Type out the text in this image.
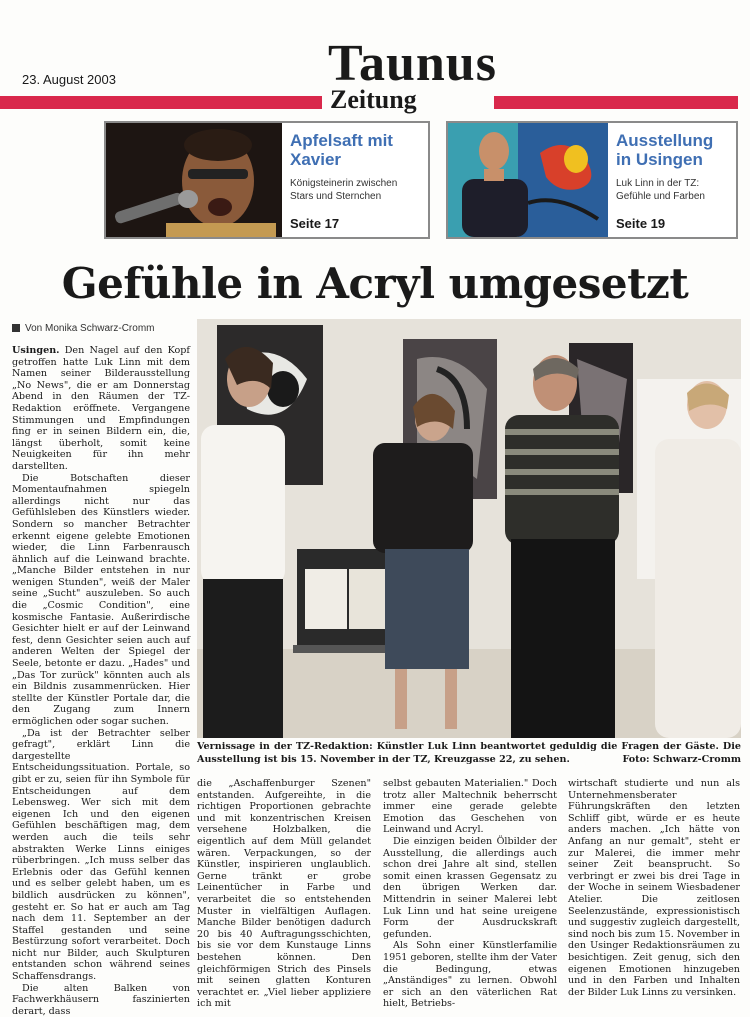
23. August 2003	Taunus
Zeitung
Apfelsaft mit Xavier
Königsteinerin zwischen Stars und Sternchen
Seite 17
Ausstellung in Usingen
Luk Linn in der TZ: Gefühle und Farben
Seite 19
Gefühle in Acryl umgesetzt
Von Monika Schwarz-Cromm
Vernissage in der TZ-Redaktion: Künstler Luk Linn beantwortet geduldig die Fragen der Gäste. Die Ausstellung ist bis 15. November in der TZ, Kreuzgasse 22, zu sehen.	Foto: Schwarz-Cromm

Usingen. Den Nagel auf den Kopf getroffen hatte Luk Linn mit dem Namen seiner Bilderausstellung „No News", die er am Donnerstag Abend in den Räumen der TZ-Redaktion eröffnete. Vergangene Stimmungen und Empfindungen fing er in seinen Bildern ein, die, längst überholt, somit keine Neuigkeiten für ihn mehr darstellten.

Die Botschaften dieser Momentaufnahmen spiegeln allerdings nicht nur das Gefühlsleben des Künstlers wieder. Sondern so mancher Betrachter erkennt eigene gelebte Emotionen wieder, die Linn Farbenrausch ähnlich auf die Leinwand brachte. „Manche Bilder entstehen in nur wenigen Stunden", weiß der Maler seine „Sucht" auszuleben. So auch die „Cosmic Condition", eine kosmische Fantasie. Außerirdische Gesichter hielt er auf der Leinwand fest, denn Gesichter seien auch auf anderen Welten der Spiegel der Seele, betonte er dazu. „Hades" und „Das Tor zurück" könnten auch als ein Bildnis zusammenrücken. Hier stellte der Künstler Portale dar, die den Zugang zum Innern ermöglichen oder sogar suchen.

„Da ist der Betrachter selber gefragt", erklärt Linn die dargestellte Entscheidungssituation. Portale, so gibt er zu, seien für ihn Symbole für Entscheidungen auf dem Lebensweg. Wer sich mit dem eigenen Ich und den eigenen Gefühlen beschäftigen mag, dem werden auch die teils sehr abstrakten Werke Linns einiges rüberbringen. „Ich muss selber das Erlebnis oder das Gefühl kennen und es selber gelebt haben, um es bildlich ausdrücken zu können", gesteht er. So hat er auch am Tag nach dem 11. September an der Staffel gestanden und seine Bestürzung sofort verarbeitet. Doch nicht nur Bilder, auch Skulpturen entstanden schon während seines Schaffensdrangs.

Die alten Balken von Fachwerkhäusern faszinierten derart, dass

die „Aschaffenburger Szenen" entstanden. Aufgereihte, in die richtigen Proportionen gebrachte und mit konzentrischen Kreisen versehene Holzbalken, die eigentlich auf dem Müll gelandet wären. Verpackungen, so der Künstler, inspirieren unglaublich. Gerne tränkt er grobe Leinentücher in Farbe und verarbeitet die so entstehenden Muster in vielfältigen Auflagen. Manche Bilder benötigen dadurch 20 bis 40 Auftragungsschichten, bis sie vor dem Kunstauge Linns bestehen können. Den gleichförmigen Strich des Pinsels mit seinen glatten Konturen verachtet er. „Viel lieber appliziere ich mit

selbst gebauten Materialien." Doch trotz aller Maltechnik beherrscht immer eine gerade gelebte Emotion das Geschehen von Leinwand und Acryl.

Die einzigen beiden Ölbilder der Ausstellung, die allerdings auch schon drei Jahre alt sind, stellen somit einen krassen Gegensatz zu den übrigen Werken dar. Mittendrin in seiner Malerei lebt Luk Linn und hat seine ureigene Form der Ausdruckskraft gefunden.

Als Sohn einer Künstlerfamilie 1951 geboren, stellte ihm der Vater die Bedingung, etwas „Anständiges" zu lernen. Obwohl er sich an den väterlichen Rat hielt, Betriebs-

wirtschaft studierte und nun als Unternehmensberater Führungskräften den letzten Schliff gibt, würde er es heute anders machen. „Ich hätte von Anfang an nur gemalt", steht er zur Malerei, die immer mehr seiner Zeit beansprucht. So verbringt er zwei bis drei Tage in der Woche in seinem Wiesbadener Atelier. Die zeitlosen Seelenzustände, expressionistisch und suggestiv zugleich dargestellt, sind noch bis zum 15. November in den Usinger Redaktionsräumen zu besichtigen. Zeit genug, sich den eigenen Emotionen hinzugeben und in den Farben und Inhalten der Bilder Luk Linns zu versinken.
